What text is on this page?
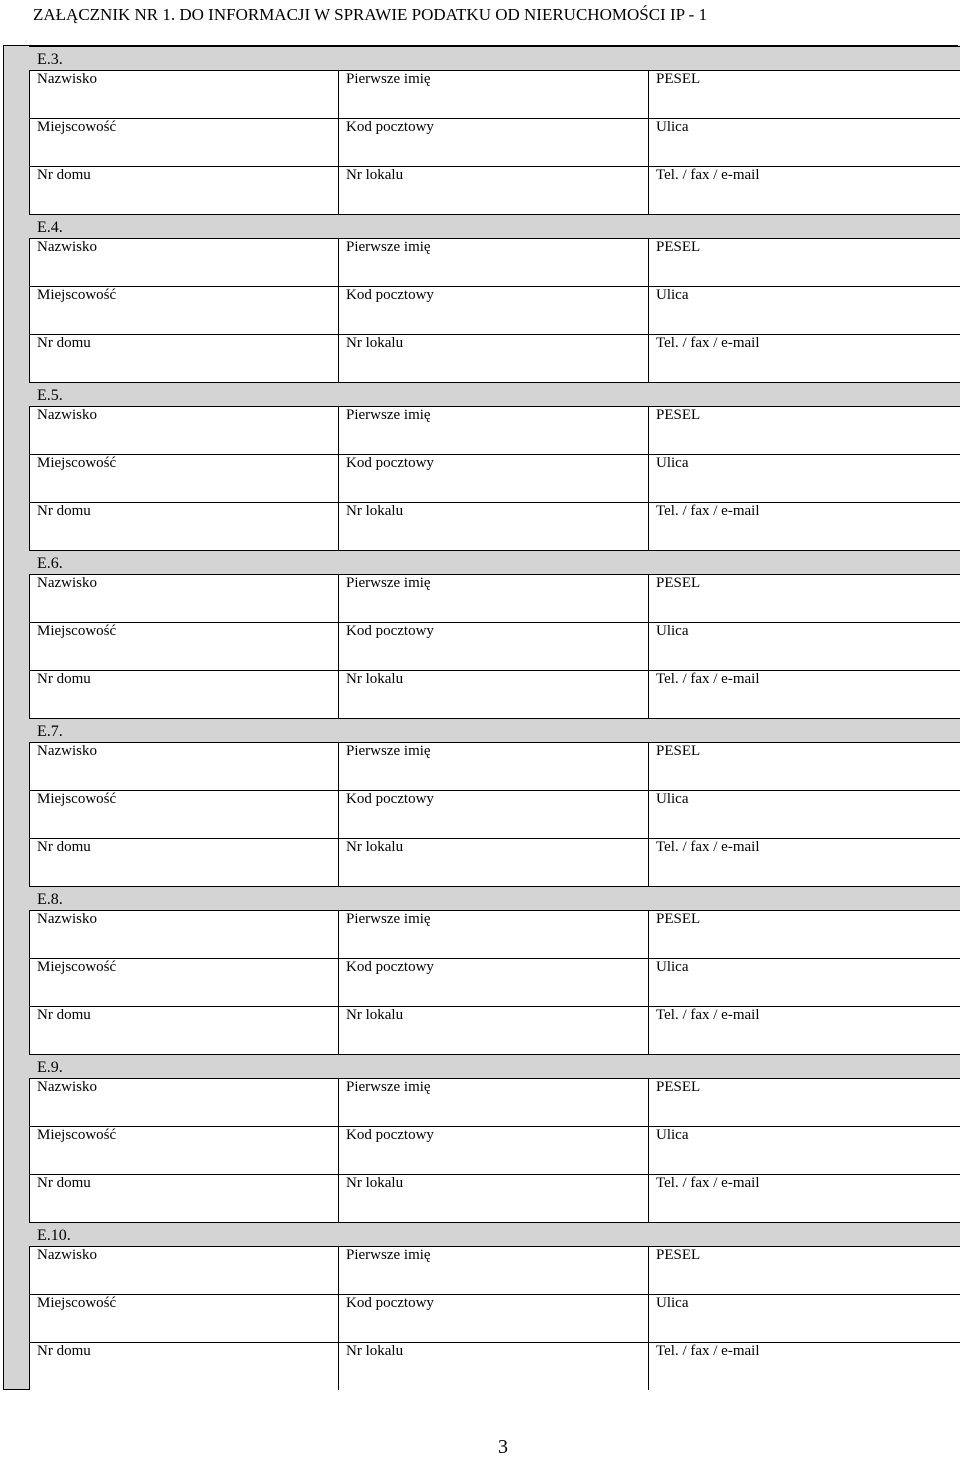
ZAŁĄCZNIK NR 1. DO INFORMACJI W SPRAWIE PODATKU OD NIERUCHOMOŚCI IP - 1
E.3.
Nazwisko	Pierwsze imię	PESEL
Miejscowość	Kod pocztowy	Ulica
Nr domu	Nr lokalu	Tel. / fax / e-mail
E.4.
Nazwisko	Pierwsze imię	PESEL
Miejscowość	Kod pocztowy	Ulica
Nr domu	Nr lokalu	Tel. / fax / e-mail
E.5.
Nazwisko	Pierwsze imię	PESEL
Miejscowość	Kod pocztowy	Ulica
Nr domu	Nr lokalu	Tel. / fax / e-mail
E.6.
Nazwisko	Pierwsze imię	PESEL
Miejscowość	Kod pocztowy	Ulica
Nr domu	Nr lokalu	Tel. / fax / e-mail
E.7.
Nazwisko	Pierwsze imię	PESEL
Miejscowość	Kod pocztowy	Ulica
Nr domu	Nr lokalu	Tel. / fax / e-mail
E.8.
Nazwisko	Pierwsze imię	PESEL
Miejscowość	Kod pocztowy	Ulica
Nr domu	Nr lokalu	Tel. / fax / e-mail
E.9.
Nazwisko	Pierwsze imię	PESEL
Miejscowość	Kod pocztowy	Ulica
Nr domu	Nr lokalu	Tel. / fax / e-mail
E.10.
Nazwisko	Pierwsze imię	PESEL
Miejscowość	Kod pocztowy	Ulica
Nr domu	Nr lokalu	Tel. / fax / e-mail
3
